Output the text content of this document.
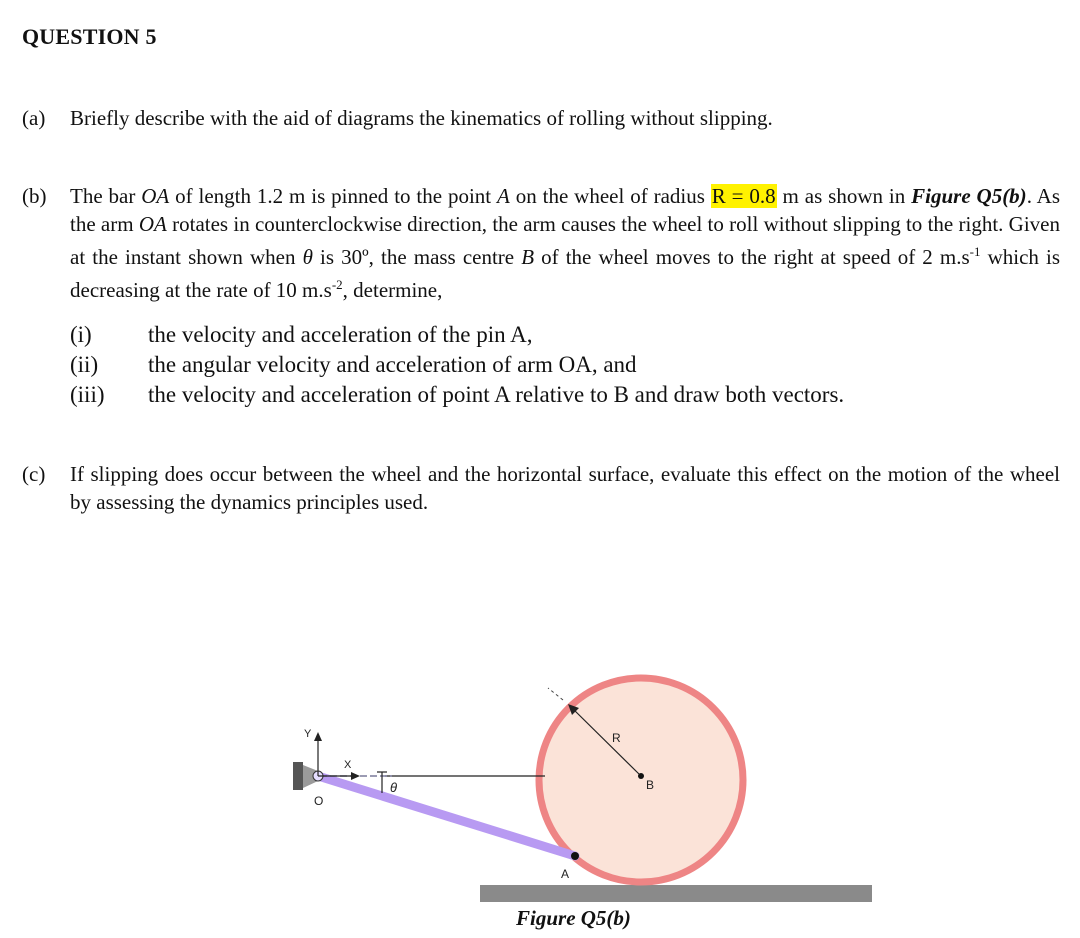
QUESTION 5
(a) Briefly describe with the aid of diagrams the kinematics of rolling without slipping.
(b) The bar OA of length 1.2 m is pinned to the point A on the wheel of radius R = 0.8 m as shown in Figure Q5(b). As the arm OA rotates in counterclockwise direction, the arm causes the wheel to roll without slipping to the right. Given at the instant shown when θ is 30º, the mass centre B of the wheel moves to the right at speed of 2 $m.s^{-1}$ which is decreasing at the rate of 10 $m.s^{-2}$, determine,
(i)	the velocity and acceleration of the pin A,
(ii)	the angular velocity and acceleration of arm OA, and
(iii)	the velocity and acceleration of point A relative to B and draw both vectors.
(c) If slipping does occur between the wheel and the horizontal surface, evaluate this effect on the motion of the wheel by assessing the dynamics principles used.
Y
X
O
θ
R
B
A
Figure Q5(b)
